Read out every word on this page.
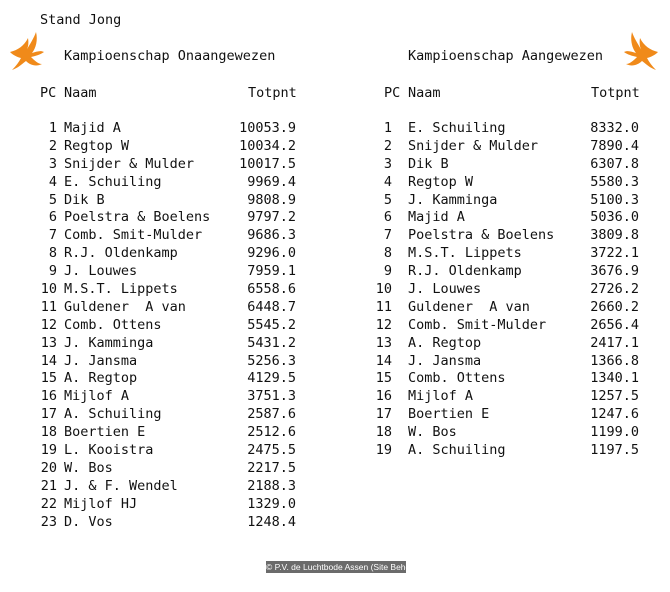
Stand Jong
Kampioenschap Onaangewezen	Kampioenschap Aangewezen
PC Naam	Totpnt	PC Naam	Totpnt
1 Majid A	10053.9
2 Regtop W	10034.2
3 Snijder & Mulder	10017.5
4 E. Schuiling	9969.4
5 Dik B	9808.9
6 Poelstra & Boelens	9797.2
7 Comb. Smit-Mulder	9686.3
8 R.J. Oldenkamp	9296.0
9 J. Louwes	7959.1
10 M.S.T. Lippets	6558.6
11 Guldener  A van	6448.7
12 Comb. Ottens	5545.2
13 J. Kamminga	5431.2
14 J. Jansma	5256.3
15 A. Regtop	4129.5
16 Mijlof A	3751.3
17 A. Schuiling	2587.6
18 Boertien E	2512.6
19 L. Kooistra	2475.5
20 W. Bos	2217.5
21 J. & F. Wendel	2188.3
22 Mijlof HJ	1329.0
23 D. Vos	1248.4
1 E. Schuiling	8332.0
2 Snijder & Mulder	7890.4
3 Dik B	6307.8
4 Regtop W	5580.3
5 J. Kamminga	5100.3
6 Majid A	5036.0
7 Poelstra & Boelens	3809.8
8 M.S.T. Lippets	3722.1
9 R.J. Oldenkamp	3676.9
10 J. Louwes	2726.2
11 Guldener  A van	2660.2
12 Comb. Smit-Mulder	2656.4
13 A. Regtop	2417.1
14 J. Jansma	1366.8
15 Comb. Ottens	1340.1
16 Mijlof A	1257.5
17 Boertien E	1247.6
18 W. Bos	1199.0
19 A. Schuiling	1197.5
© P.V. de Luchtbode Assen (Site Beheer)
